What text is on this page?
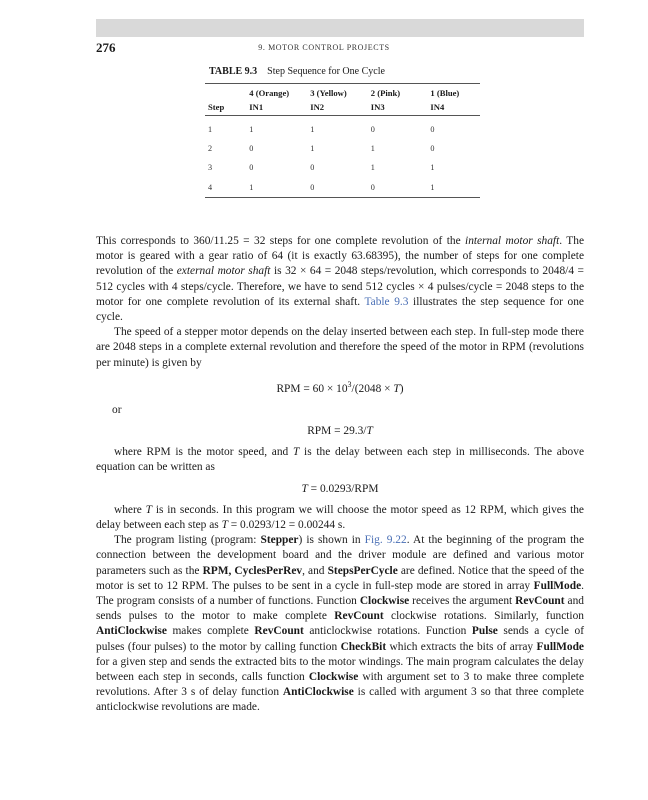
276	9. MOTOR CONTROL PROJECTS
TABLE 9.3 Step Sequence for One Cycle
	4 (Orange)	3 (Yellow)	2 (Pink)	1 (Blue)
Step	IN1	IN2	IN3	IN4
1	1	1	0	0
2	0	1	1	0
3	0	0	1	1
4	1	0	0	1

This corresponds to 360/11.25 = 32 steps for one complete revolution of the internal motor shaft. The motor is geared with a gear ratio of 64 (it is exactly 63.68395), the number of steps for one complete revolution of the external motor shaft is 32 × 64 = 2048 steps/revolution, which corresponds to 2048/4 = 512 cycles with 4 steps/cycle. Therefore, we have to send 512 cycles × 4 pulses/cycle = 2048 steps to the motor for one complete revolution of its external shaft. Table 9.3 illustrates the step sequence for one cycle.

The speed of a stepper motor depends on the delay inserted between each step. In full-step mode there are 2048 steps in a complete external revolution and therefore the speed of the motor in RPM (revolutions per minute) is given by

RPM = $60 \times 10^3/(2048 \times T)$

or

RPM = 29.3/T

where RPM is the motor speed, and T is the delay between each step in milliseconds. The above equation can be written as

T = 0.0293/RPM

where T is in seconds. In this program we will choose the motor speed as 12 RPM, which gives the delay between each step as T = 0.0293/12 = 0.00244 s.

The program listing (program: Stepper) is shown in Fig. 9.22. At the beginning of the program the connection between the development board and the driver module are defined and various motor parameters such as the RPM, CyclesPerRev, and StepsPerCycle are defined. Notice that the speed of the motor is set to 12 RPM. The pulses to be sent in a cycle in full-step mode are stored in array FullMode. The program consists of a number of functions. Function Clockwise receives the argument RevCount and sends pulses to the motor to make complete RevCount clockwise rotations. Similarly, function AntiClockwise makes complete RevCount anticlockwise rotations. Function Pulse sends a cycle of pulses (four pulses) to the motor by calling function CheckBit which extracts the bits of array FullMode for a given step and sends the extracted bits to the motor windings. The main program calculates the delay between each step in seconds, calls function Clockwise with argument set to 3 to make three complete revolutions. After 3 s of delay function AntiClockwise is called with argument 3 so that three complete anticlockwise revolutions are made.
